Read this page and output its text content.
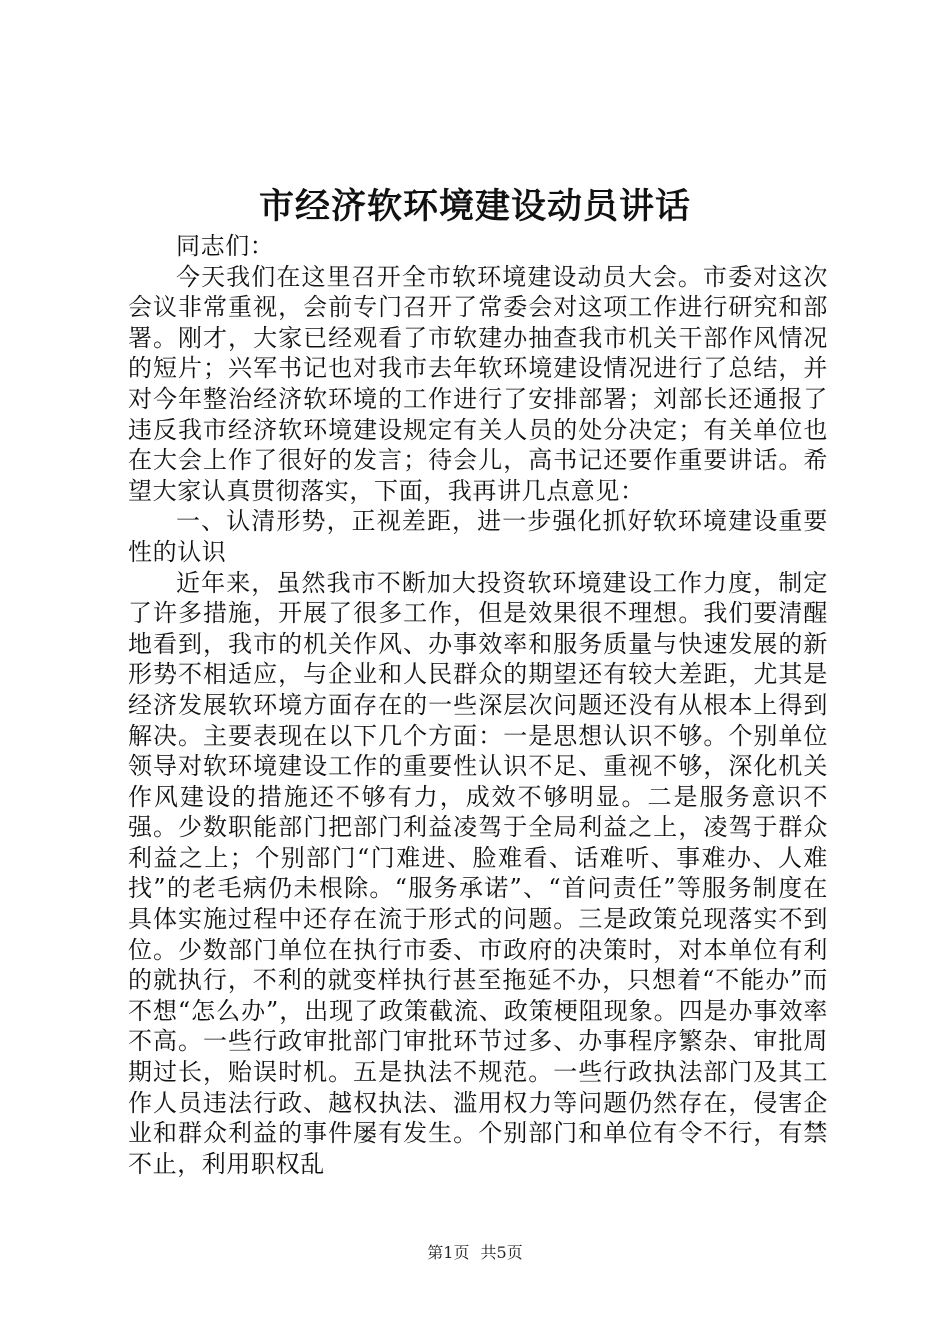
市经济软环境建设动员讲话

同志们：

今天我们在这里召开全市软环境建设动员大会。市委对这次会议非常重视，会前专门召开了常委会对这项工作进行研究和部署。刚才，大家已经观看了市软建办抽查我市机关干部作风情况的短片；兴军书记也对我市去年软环境建设情况进行了总结，并对今年整治经济软环境的工作进行了安排部署；刘部长还通报了违反我市经济软环境建设规定有关人员的处分决定；有关单位也在大会上作了很好的发言；待会儿，高书记还要作重要讲话。希望大家认真贯彻落实，下面，我再讲几点意见：

一、认清形势，正视差距，进一步强化抓好软环境建设重要性的认识

近年来，虽然我市不断加大投资软环境建设工作力度，制定了许多措施，开展了很多工作，但是效果很不理想。我们要清醒地看到，我市的机关作风、办事效率和服务质量与快速发展的新形势不相适应，与企业和人民群众的期望还有较大差距，尤其是经济发展软环境方面存在的一些深层次问题还没有从根本上得到解决。主要表现在以下几个方面：一是思想认识不够。个别单位领导对软环境建设工作的重要性认识不足、重视不够，深化机关作风建设的措施还不够有力，成效不够明显。二是服务意识不强。少数职能部门把部门利益凌驾于全局利益之上，凌驾于群众利益之上；个别部门“门难进、脸难看、话难听、事难办、人难找”的老毛病仍未根除。“服务承诺”、“首问责任”等服务制度在具体实施过程中还存在流于形式的问题。三是政策兑现落实不到位。少数部门单位在执行市委、市政府的决策时，对本单位有利的就执行，不利的就变样执行甚至拖延不办，只想着“不能办”而不想“怎么办”，出现了政策截流、政策梗阻现象。四是办事效率不高。一些行政审批部门审批环节过多、办事程序繁杂、审批周期过长，贻误时机。五是执法不规范。一些行政执法部门及其工作人员违法行政、越权执法、滥用权力等问题仍然存在，侵害企业和群众利益的事件屡有发生。个别部门和单位有令不行，有禁不止，利用职权乱

第1页 共5页
